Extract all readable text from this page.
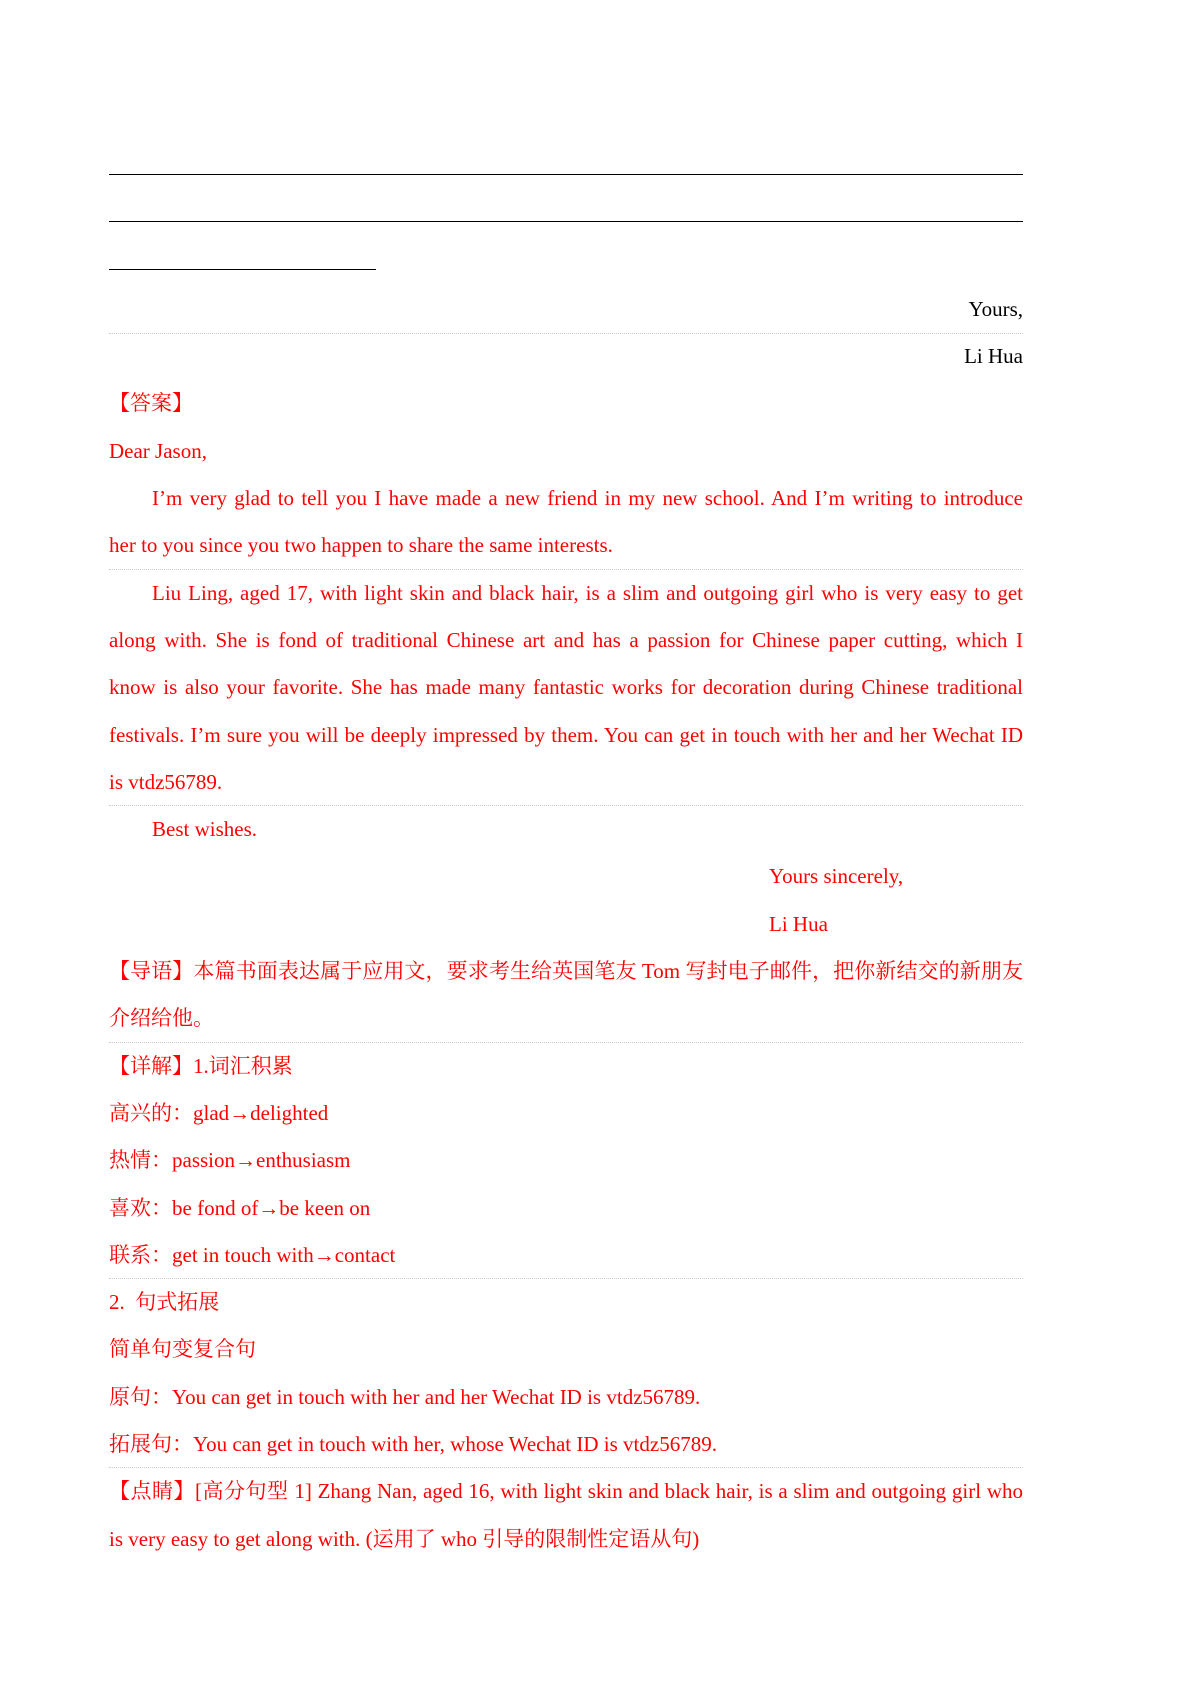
Yours,
Li Hua
【答案】
Dear Jason,
I’m very glad to tell you I have made a new friend in my new school. And I’m writing to introduce
her to you since you two happen to share the same interests.
Liu Ling, aged 17, with light skin and black hair, is a slim and outgoing girl who is very easy to get
along with. She is fond of traditional Chinese art and has a passion for Chinese paper cutting, which I
know is also your favorite. She has made many fantastic works for decoration during Chinese traditional
festivals. I’m sure you will be deeply impressed by them. You can get in touch with her and her Wechat ID
is vtdz56789.
Best wishes.
Yours sincerely,
Li Hua
【导语】本篇书面表达属于应用文，要求考生给英国笔友 Tom 写封电子邮件，把你新结交的新朋友
介绍给他。
【详解】1.词汇积累
高兴的：glad→delighted
热情：passion→enthusiasm
喜欢：be fond of→be keen on
联系：get in touch with→contact
2.  句式拓展
简单句变复合句
原句：You can get in touch with her and her Wechat ID is vtdz56789.
拓展句：You can get in touch with her, whose Wechat ID is vtdz56789.
【点睛】[高分句型 1] Zhang Nan, aged 16, with light skin and black hair, is a slim and outgoing girl who
is very easy to get along with. (运用了 who 引导的限制性定语从句)
